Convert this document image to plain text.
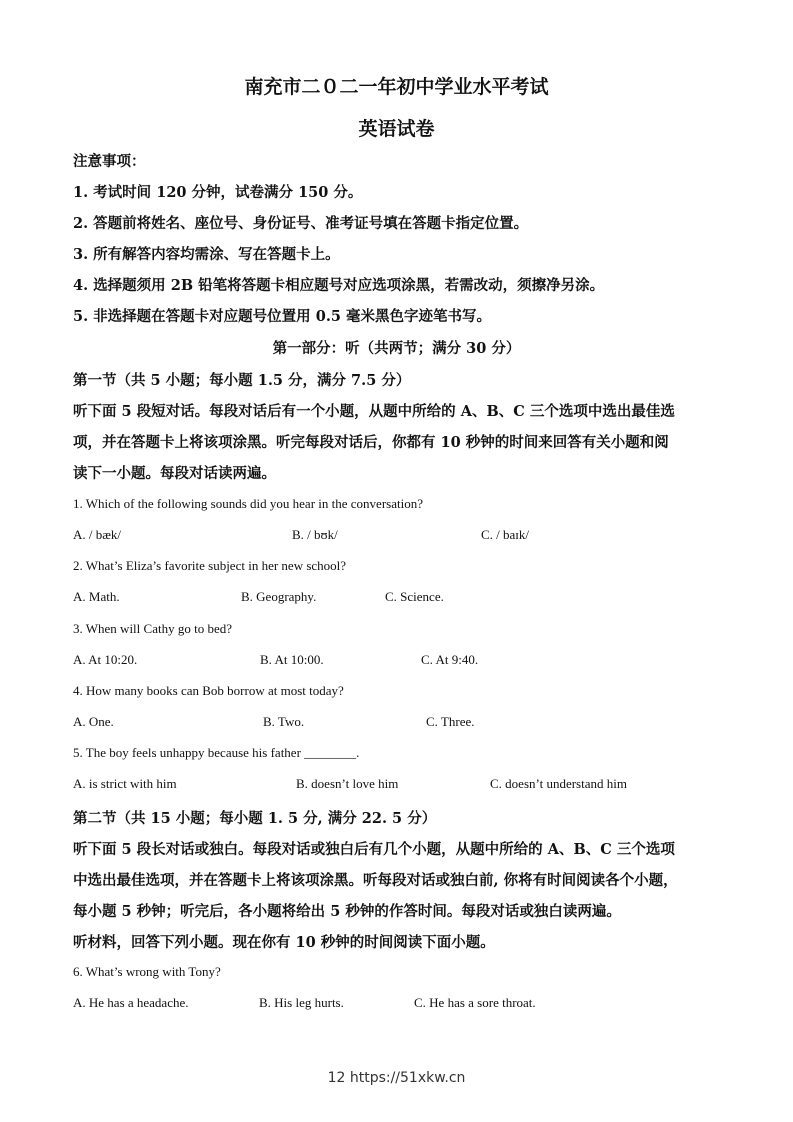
南充市二０二一年初中学业水平考试
英语试卷
注意事项：
1. 考试时间 120 分钟，试卷满分 150 分。
2. 答题前将姓名、座位号、身份证号、准考证号填在答题卡指定位置。
3. 所有解答内容均需涂、写在答题卡上。
4. 选择题须用 2B 铅笔将答题卡相应题号对应选项涂黑，若需改动，须擦净另涂。
5. 非选择题在答题卡对应题号位置用 0.5 毫米黑色字迹笔书写。
第一部分：听（共两节；满分 30 分）
第一节（共 5 小题；每小题 1.5 分，满分 7.5 分）
听下面 5 段短对话。每段对话后有一个小题，从题中所给的 A、B、C 三个选项中选出最佳选
项，并在答题卡上将该项涂黑。听完每段对话后，你都有 10 秒钟的时间来回答有关小题和阅
读下一小题。每段对话读两遍。
1. Which of the following sounds did you hear in the conversation?
A. / bæk/	B. / bʊk/	C. / baɪk/
2. What’s Eliza’s favorite subject in her new school?
A. Math.	B. Geography.	C. Science.
3. When will Cathy go to bed?
A. At 10:20.	B. At 10:00.	C. At 9:40.
4. How many books can Bob borrow at most today?
A. One.	B. Two.	C. Three.
5. The boy feels unhappy because his father ________.
A. is strict with him	B. doesn’t love him	C. doesn’t understand him
第二节（共 15 小题；每小题 1. 5 分, 满分 22. 5 分）
听下面 5 段长对话或独白。每段对话或独白后有几个小题，从题中所给的 A、B、C 三个选项
中选出最佳选项，并在答题卡上将该项涂黑。听每段对话或独白前, 你将有时间阅读各个小题，
每小题 5 秒钟；听完后，各小题将给出 5 秒钟的作答时间。每段对话或独白读两遍。
听材料，回答下列小题。现在你有 10 秒钟的时间阅读下面小题。
6. What’s wrong with Tony?
A. He has a headache.	B. His leg hurts.	C. He has a sore throat.
12 https://51xkw.cn
